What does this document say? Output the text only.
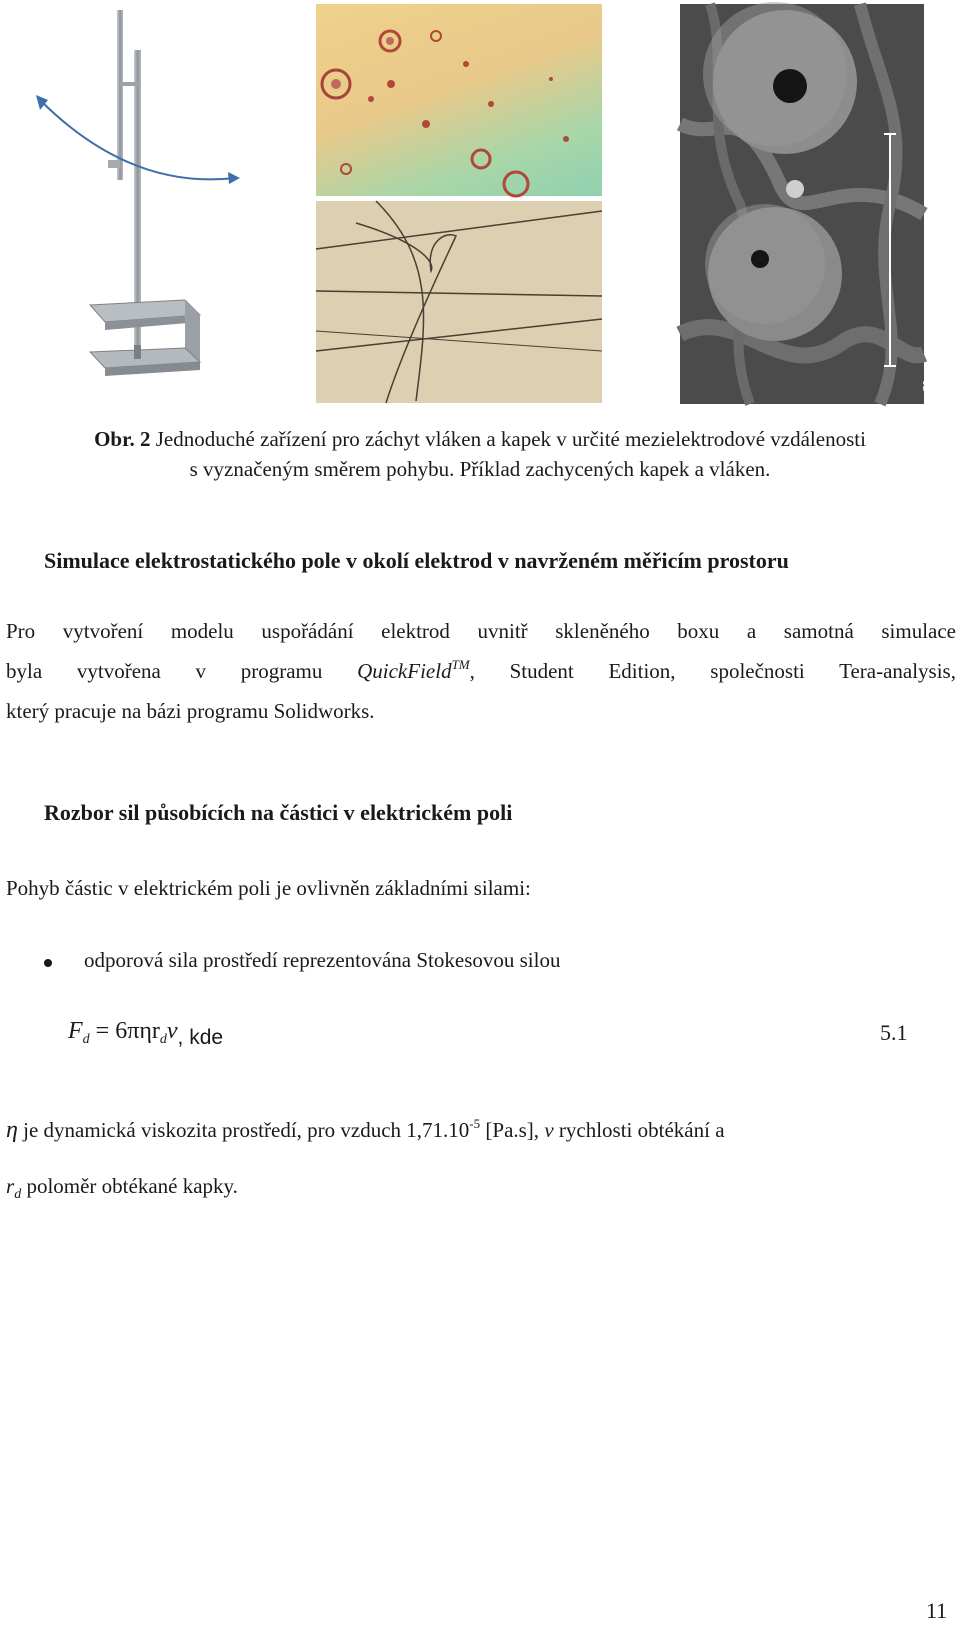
70µm
Obr. 2 Jednoduché zařízení pro záchyt vláken a kapek v určité mezielektrodové vzdálenosti
s vyznačeným směrem pohybu. Příklad zachycených kapek a vláken.
Simulace elektrostatického pole v okolí elektrod v navrženém měřicím prostoru
Pro vytvoření modelu uspořádání elektrod uvnitř skleněného boxu a samotná simulace
byla vytvořena v programu QuickField™, Student Edition, společnosti Tera-analysis,
který pracuje na bázi programu Solidworks.
Rozbor sil působících na částici v elektrickém poli
Pohyb částic v elektrickém poli je ovlivněn základními silami:
odporová sila prostředí reprezentována Stokesovou silou
$F_d = 6\pi\eta r_dv$, kde	5.1
η je dynamická viskozita prostředí, pro vzduch $1,71.10^{-5}$ [Pa.s], v rychlosti obtékání a
$r_d$ poloměr obtékané kapky.
11
